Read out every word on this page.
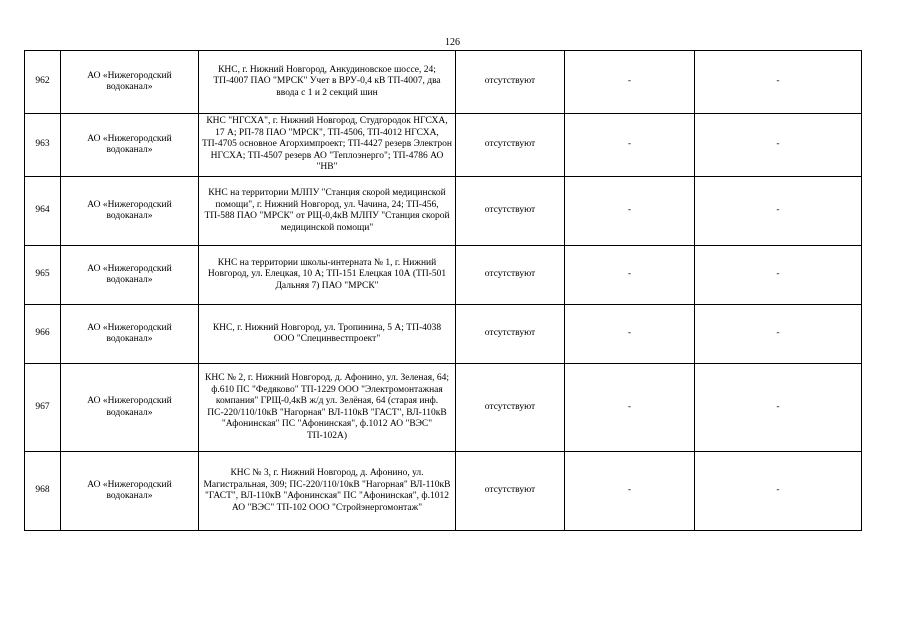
126
962	АО «Нижегородский водоканал»	КНС, г. Нижний Новгород, Анкудиновское шоссе, 24; ТП-4007 ПАО "МРСК" Учет в ВРУ-0,4 кВ ТП-4007, два ввода с 1 и 2 секций шин	отсутствуют	-	-
963	АО «Нижегородский водоканал»	КНС "НГСХА", г. Нижний Новгород, Студгородок НГСХА, 17 А; РП-78 ПАО "МРСК", ТП-4506, ТП-4012 НГСХА, ТП-4705 основное Агорхимпроект; ТП-4427 резерв Электрон НГСХА; ТП-4507 резерв АО "Теплоэнерго"; ТП-4786 АО "НВ"	отсутствуют	-	-
964	АО «Нижегородский водоканал»	КНС на территории МЛПУ "Станция скорой медицинской помощи", г. Нижний Новгород, ул. Чачина, 24; ТП-456, ТП-588 ПАО "МРСК" от РЩ-0,4кВ МЛПУ "Станция скорой медицинской помощи"	отсутствуют	-	-
965	АО «Нижегородский водоканал»	КНС на территории школы-интерната № 1, г. Нижний Новгород, ул. Елецкая, 10 А; ТП-151 Елецкая 10А (ТП-501 Дальняя 7) ПАО "МРСК"	отсутствуют	-	-
966	АО «Нижегородский водоканал»	КНС, г. Нижний Новгород, ул. Тропинина, 5 А; ТП-4038 ООО "Специнвестпроект"	отсутствуют	-	-
967	АО «Нижегородский водоканал»	КНС № 2, г. Нижний Новгород, д. Афонино, ул. Зеленая, 64; ф.610 ПС "Федяково" ТП-1229 ООО "Электромонтажная компания" ГРЩ-0,4кВ ж/д ул. Зелёная, 64 (старая инф. ПС-220/110/10кВ "Нагорная" ВЛ-110кВ "ГАСТ", ВЛ-110кВ "Афонинская" ПС "Афонинская", ф.1012 АО "ВЭС" ТП-102А)	отсутствуют	-	-
968	АО «Нижегородский водоканал»	КНС № 3, г. Нижний Новгород, д. Афонино, ул. Магистральная, 309; ПС-220/110/10кВ "Нагорная" ВЛ-110кВ "ГАСТ", ВЛ-110кВ "Афонинская" ПС "Афонинская", ф.1012 АО "ВЭС" ТП-102 ООО "Стройэнергомонтаж"	отсутствуют	-	-
